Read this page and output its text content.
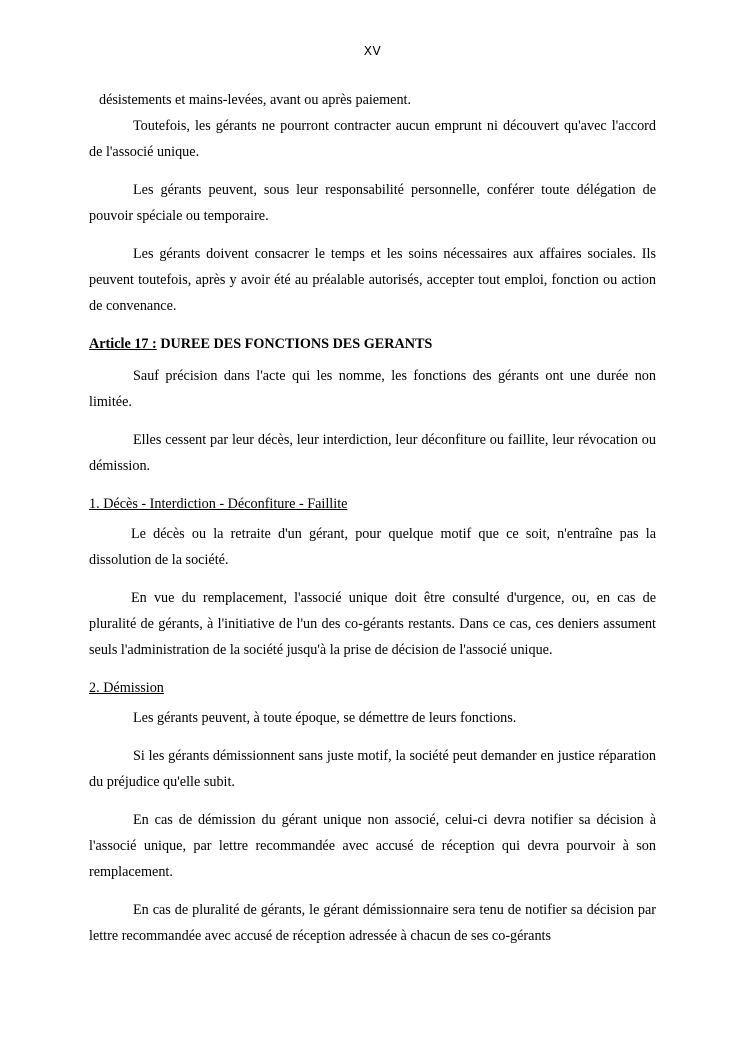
XV

désistements et mains-levées, avant ou après paiement.

Toutefois, les gérants ne pourront contracter aucun emprunt ni découvert qu'avec l'accord de l'associé unique.

Les gérants peuvent, sous leur responsabilité personnelle, conférer toute délégation de pouvoir spéciale ou temporaire.

Les gérants doivent consacrer le temps et les soins nécessaires aux affaires sociales. Ils peuvent toutefois, après y avoir été au préalable autorisés, accepter tout emploi, fonction ou action de convenance.

Article 17 : DUREE DES FONCTIONS DES GERANTS

Sauf précision dans l'acte qui les nomme, les fonctions des gérants ont une durée non limitée.

Elles cessent par leur décès, leur interdiction, leur déconfiture ou faillite, leur révocation ou démission.

1. Décès - Interdiction - Déconfiture - Faillite

Le décès ou la retraite d'un gérant, pour quelque motif que ce soit, n'entraîne pas la dissolution de la société.

En vue du remplacement, l'associé unique doit être consulté d'urgence, ou, en cas de pluralité de gérants, à l'initiative de l'un des co-gérants restants. Dans ce cas, ces deniers assument seuls l'administration de la société jusqu'à la prise de décision de l'associé unique.

2. Démission

Les gérants peuvent, à toute époque, se démettre de leurs fonctions.

Si les gérants démissionnent sans juste motif, la société peut demander en justice réparation du préjudice qu'elle subit.

En cas de démission du gérant unique non associé, celui-ci devra notifier sa décision à l'associé unique, par lettre recommandée avec accusé de réception qui devra pourvoir à son remplacement.

En cas de pluralité de gérants, le gérant démissionnaire sera tenu de notifier sa décision par lettre recommandée avec accusé de réception adressée à chacun de ses co-gérants
